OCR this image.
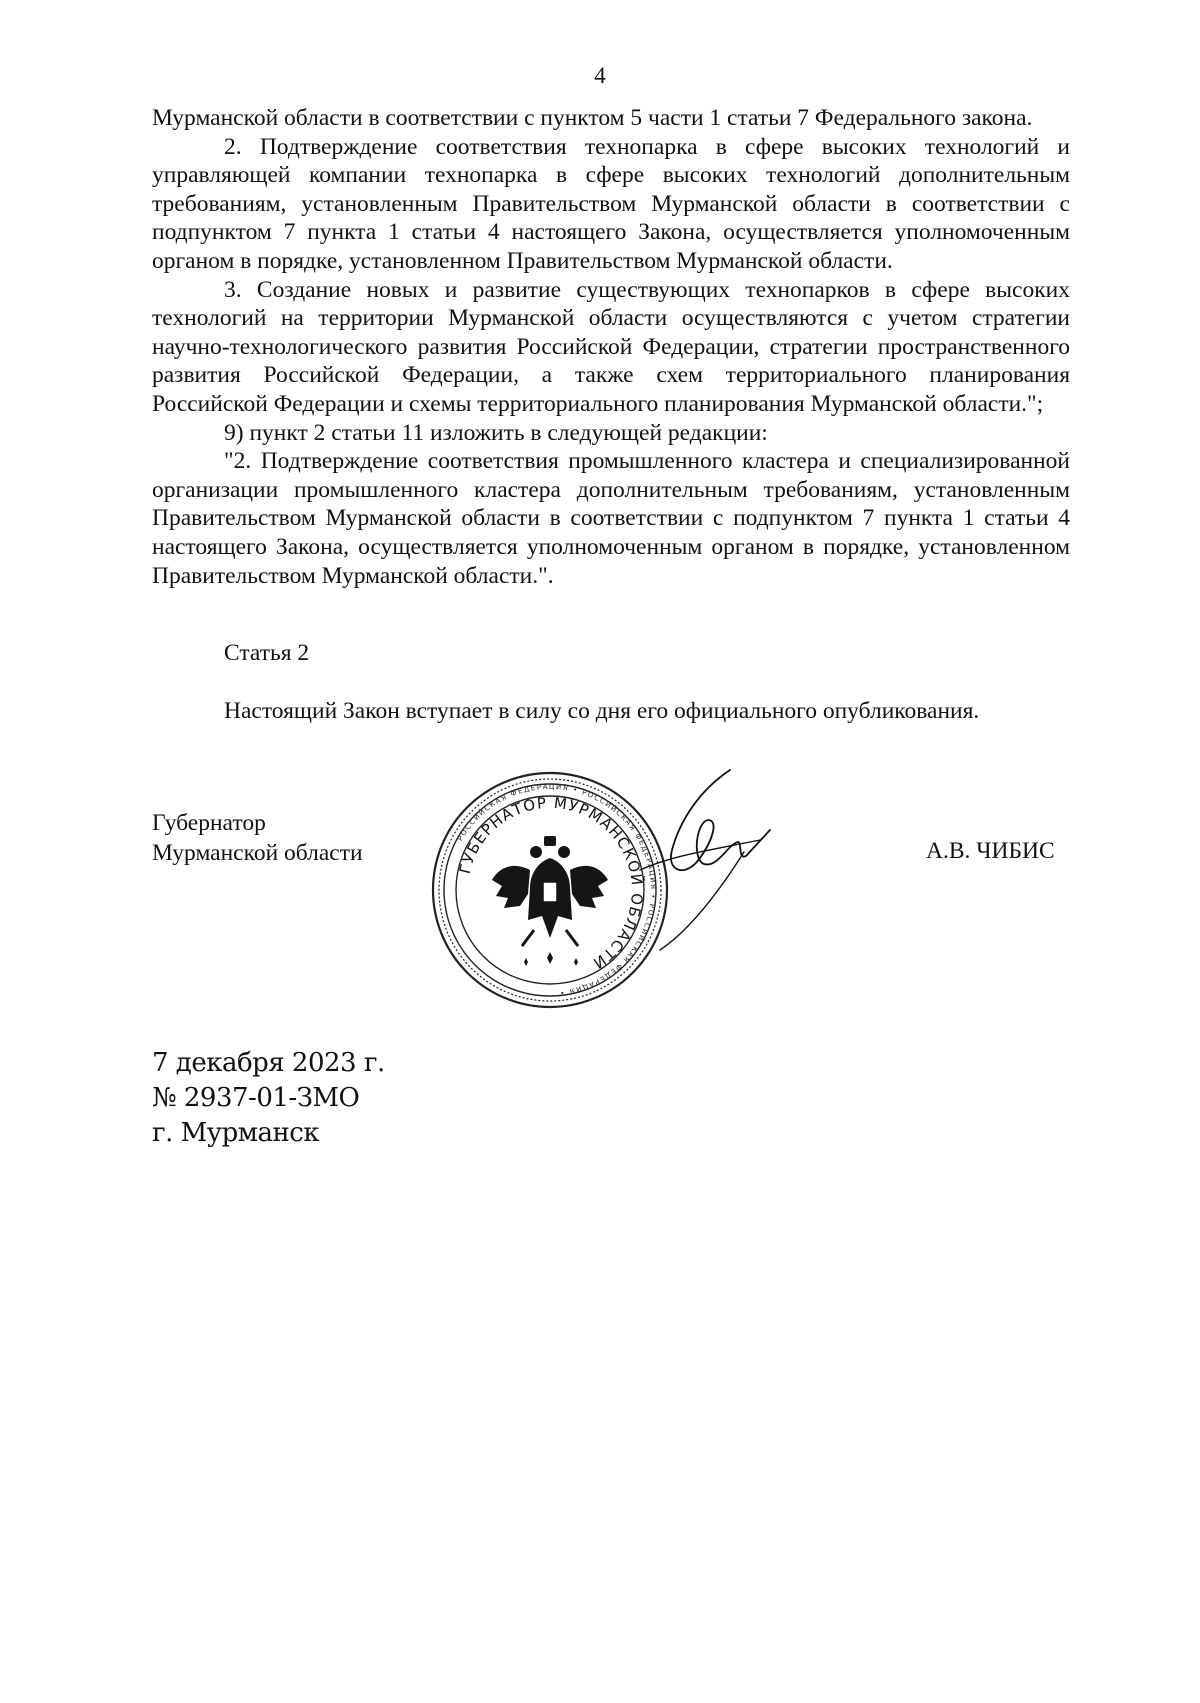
4

Мурманской области в соответствии с пунктом 5 части 1 статьи 7 Федерального закона.

2. Подтверждение соответствия технопарка в сфере высоких технологий и управляющей компании технопарка в сфере высоких технологий дополнительным требованиям, установленным Правительством Мурманской области в соответствии с подпунктом 7 пункта 1 статьи 4 настоящего Закона, осуществляется уполномоченным органом в порядке, установленном Правительством Мурманской области.

3. Создание новых и развитие существующих технопарков в сфере высоких технологий на территории Мурманской области осуществляются с учетом стратегии научно-технологического развития Российской Федерации, стратегии пространственного развития Российской Федерации, а также схем территориального планирования Российской Федерации и схемы территориального планирования Мурманской области.";

9) пункт 2 статьи 11 изложить в следующей редакции:

"2. Подтверждение соответствия промышленного кластера и специализированной организации промышленного кластера дополнительным требованиям, установленным Правительством Мурманской области в соответствии с подпунктом 7 пункта 1 статьи 4 настоящего Закона, осуществляется уполномоченным органом в порядке, установленном Правительством Мурманской области.".

Статья 2
Настоящий Закон вступает в силу со дня его официального опубликования.
Губернатор
Мурманской области
РОССИЙСКАЯ ФЕДЕРАЦИЯ • РОССИЙСКАЯ ФЕДЕРАЦИЯ • РОССИЙСКАЯ ФЕДЕРАЦИЯ •
ГУБЕРНАТОР МУРМАНСКОЙ ОБЛАСТИ
А.В. ЧИБИС
7 декабря 2023 г.
№ 2937-01-ЗМО
г. Мурманск
